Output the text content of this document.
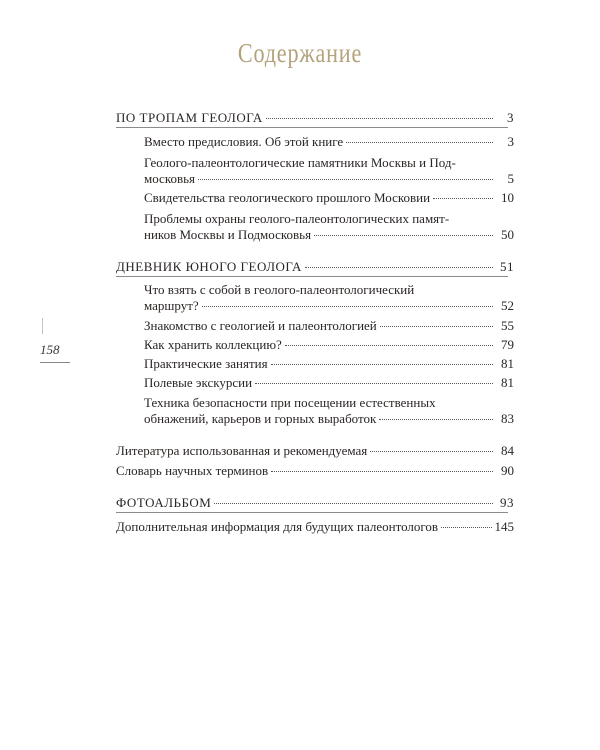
Содержание
158
ПО ТРОПАМ ГЕОЛОГА	3
Вместо предисловия. Об этой книге	3
Геолого-палеонтологические памятники Москвы и Под-
московья	5
Свидетельства геологического прошлого Московии	10
Проблемы охраны геолого-палеонтологических памят-
ников Москвы и Подмосковья	50
ДНЕВНИК ЮНОГО ГЕОЛОГА	51
Что взять с собой в геолого-палеонтологический
маршрут?	52
Знакомство с геологией и палеонтологией	55
Как хранить коллекцию?	79
Практические занятия	81
Полевые экскурсии	81
Техника безопасности при посещении естественных
обнажений, карьеров и горных выработок	83
Литература использованная и рекомендуемая	84
Словарь научных терминов	90
ФОТОАЛЬБОМ	93
Дополнительная информация для будущих палеонтологов	145
